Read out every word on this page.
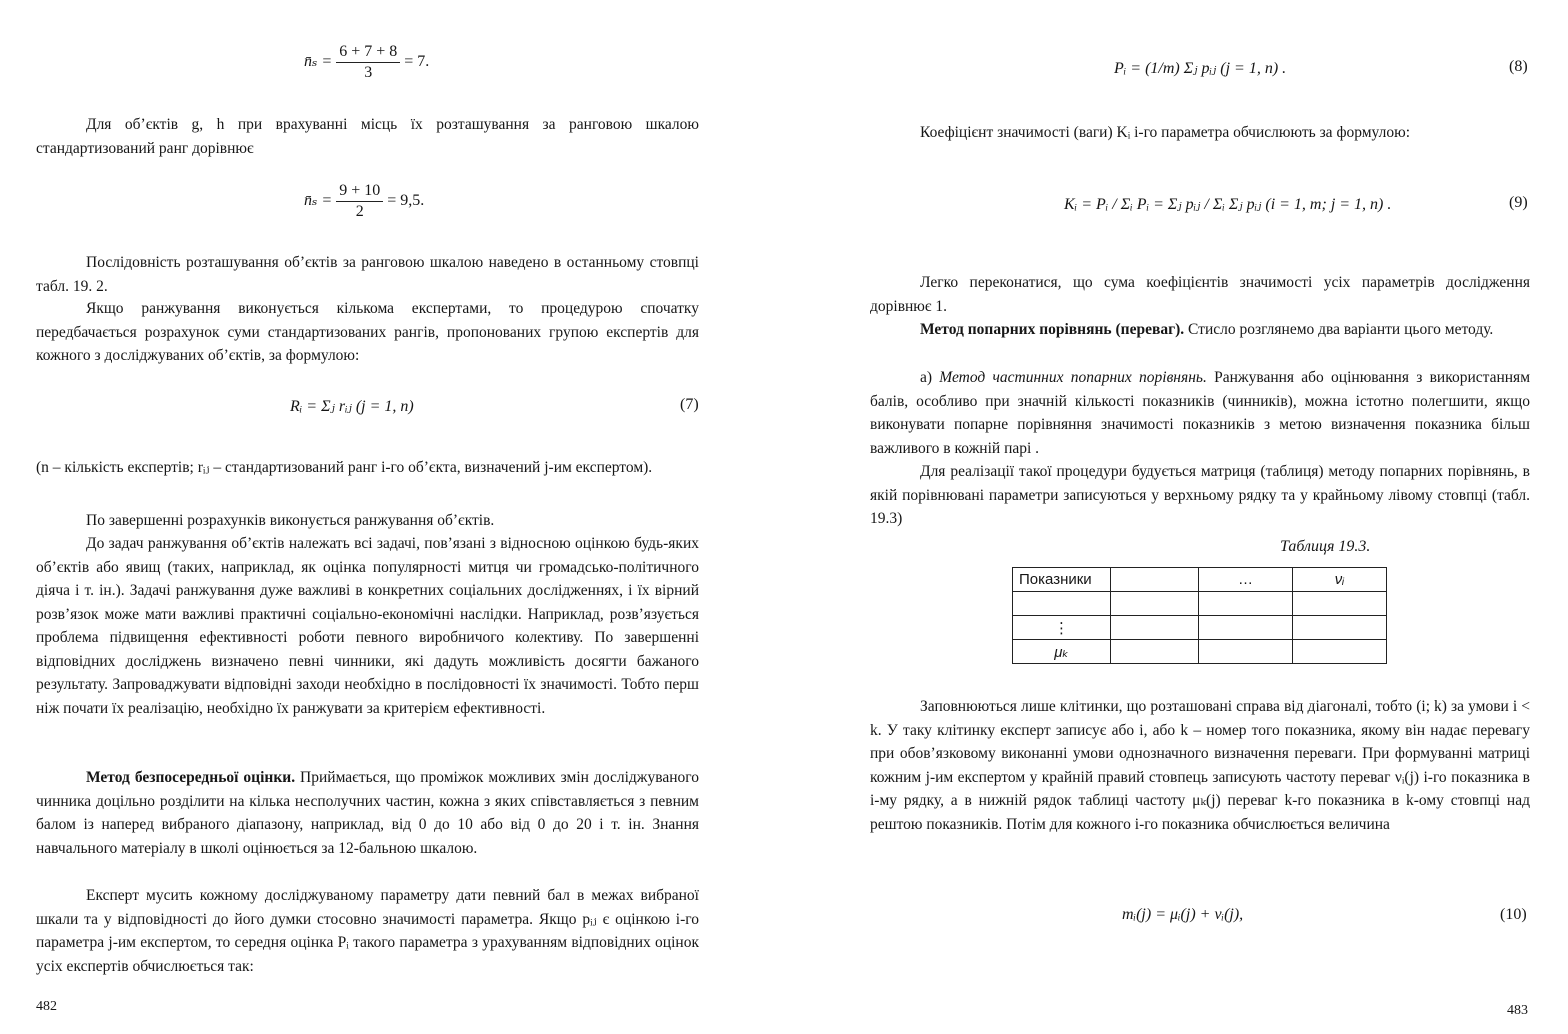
n̄ₛ = $\frac{6 + 7 + 8}{3} = 7$.

Для об’єктів g, h при врахуванні місць їх розташування за ранговою шкалою стандартизований ранг дорівнює

n̄ₛ = $\frac{9 + 10}{2} = 9,5$.

Послідовність розташування об’єктів за ранговою шкалою наведено в останньому стовпці табл. 19. 2.

Якщо ранжування виконується кількома експертами, то процедурою спочатку передбачається розрахунок суми стандартизованих рангів, пропонованих групою експертів для кожного з досліджуваних об’єктів, за формулою:

Rᵢ = Σⱼ rᵢⱼ (j = 1, n)	(7)

(n – кількість експертів; rᵢⱼ – стандартизований ранг i-го об’єкта, визначений j-им експертом).

По завершенні розрахунків виконується ранжування об’єктів.

До задач ранжування об’єктів належать всі задачі, пов’язані з відносною оцінкою будь-яких об’єктів або явищ (таких, наприклад, як оцінка популярності митця чи громадсько-політичного діяча і т. ін.). Задачі ранжування дуже важливі в конкретних соціальних дослідженнях, і їх вірний розв’язок може мати важливі практичні соціально-економічні наслідки. Наприклад, розв’язується проблема підвищення ефективності роботи певного виробничого колективу. По завершенні відповідних досліджень визначено певні чинники, які дадуть можливість досягти бажаного результату. Запроваджувати відповідні заходи необхідно в послідовності їх значимості. Тобто перш ніж почати їх реалізацію, необхідно їх ранжувати за критерієм ефективності.

Метод безпосередньої оцінки. Приймається, що проміжок можливих змін досліджуваного чинника доцільно розділити на кілька несполучних частин, кожна з яких співставляється з певним балом із наперед вибраного діапазону, наприклад, від 0 до 10 або від 0 до 20 і т. ін. Знання навчального матеріалу в школі оцінюється за 12-бальною шкалою.

Експерт мусить кожному досліджуваному параметру дати певний бал в межах вибраної шкали та у відповідності до його думки стосовно значимості параметра. Якщо pᵢⱼ є оцінкою i-го параметра j-им експертом, то середня оцінка Pᵢ такого параметра з урахуванням відповідних оцінок усіх експертів обчислюється так:

482
Pᵢ = (1/m) Σⱼ pᵢⱼ (j = 1, n) .	(8)

Коефіцієнт значимості (ваги) Kᵢ i-го параметра обчислюють за формулою:

Kᵢ = Pᵢ / Σᵢ Pᵢ = Σⱼ pᵢⱼ / Σᵢ Σⱼ pᵢⱼ (i = 1, m; j = 1, n) .	(9)

Легко переконатися, що сума коефіцієнтів значимості усіх параметрів дослідження дорівнює 1.

Метод попарних порівнянь (переваг). Стисло розглянемо два варіанти цього методу.

а) Метод частинних попарних порівнянь. Ранжування або оцінювання з використанням балів, особливо при значній кількості показників (чинників), можна істотно полегшити, якщо виконувати попарне порівняння значимості показників з метою визначення показника більш важливого в кожній парі .

Для реалізації такої процедури будується матриця (таблиця) методу попарних порівнянь, в якій порівнювані параметри записуються у верхньому рядку та у крайньому лівому стовпці (табл. 19.3)

Таблиця 19.3.
Показники		…	νᵢ

⋮			
μₖ			

Заповнюються лише клітинки, що розташовані справа від діагоналі, тобто (i; k) за умови i < k. У таку клітинку експерт записує або i, або k – номер того показника, якому він надає перевагу при обов’язковому виконанні умови однозначного визначення переваги. При формуванні матриці кожним j-им експертом у крайній правий стовпець записують частоту переваг νᵢ(j) i-го показника в i-му рядку, а в нижній рядок таблиці частоту μₖ(j) переваг k-го показника в k-ому стовпці над рештою показників. Потім для кожного i-го показника обчислюється величина

mᵢ(j) = μᵢ(j) + νᵢ(j),	(10)
483
